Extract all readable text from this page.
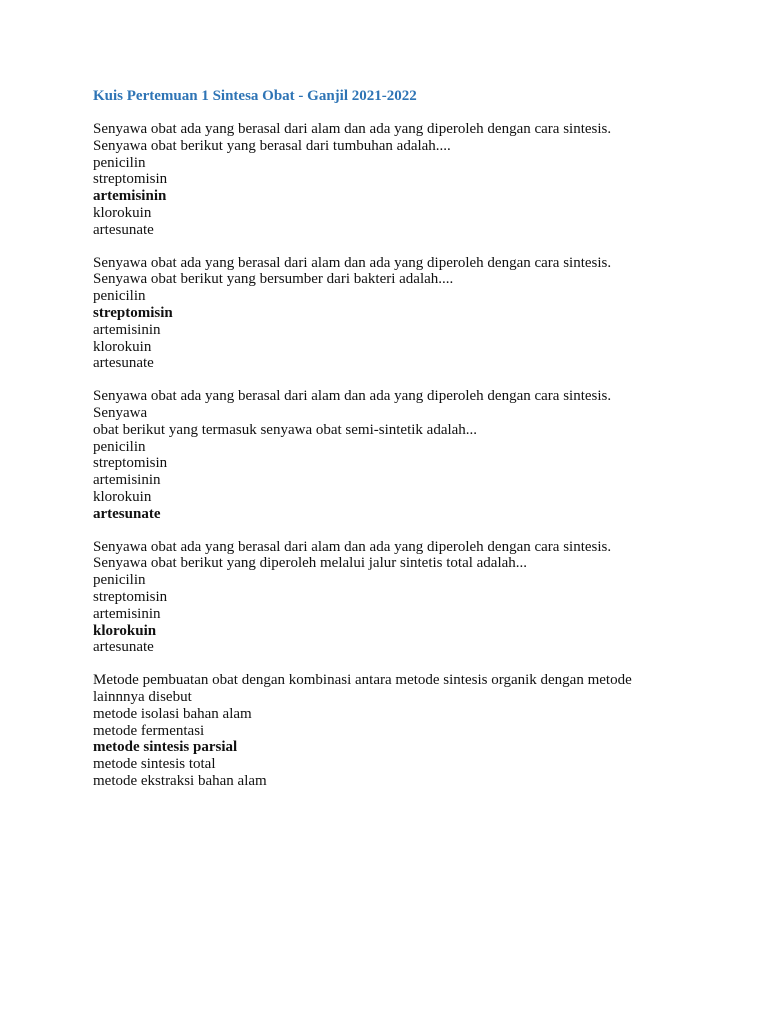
Kuis Pertemuan 1 Sintesa Obat - Ganjil 2021-2022
Senyawa obat ada yang berasal dari alam dan ada yang diperoleh dengan cara sintesis.
Senyawa obat berikut yang berasal dari tumbuhan adalah....
penicilin
streptomisin
artemisinin
klorokuin
artesunate
Senyawa obat ada yang berasal dari alam dan ada yang diperoleh dengan cara sintesis.
Senyawa obat berikut yang bersumber dari bakteri adalah....
penicilin
streptomisin
artemisinin
klorokuin
artesunate
Senyawa obat ada yang berasal dari alam dan ada yang diperoleh dengan cara sintesis.
Senyawa
obat berikut yang termasuk senyawa obat semi-sintetik adalah...
penicilin
streptomisin
artemisinin
klorokuin
artesunate
Senyawa obat ada yang berasal dari alam dan ada yang diperoleh dengan cara sintesis.
Senyawa obat berikut yang diperoleh melalui jalur sintetis total adalah...
penicilin
streptomisin
artemisinin
klorokuin
artesunate
Metode pembuatan obat dengan kombinasi antara metode sintesis organik dengan metode
lainnnya disebut
metode isolasi bahan alam
metode fermentasi
metode sintesis parsial
metode sintesis total
metode ekstraksi bahan alam
